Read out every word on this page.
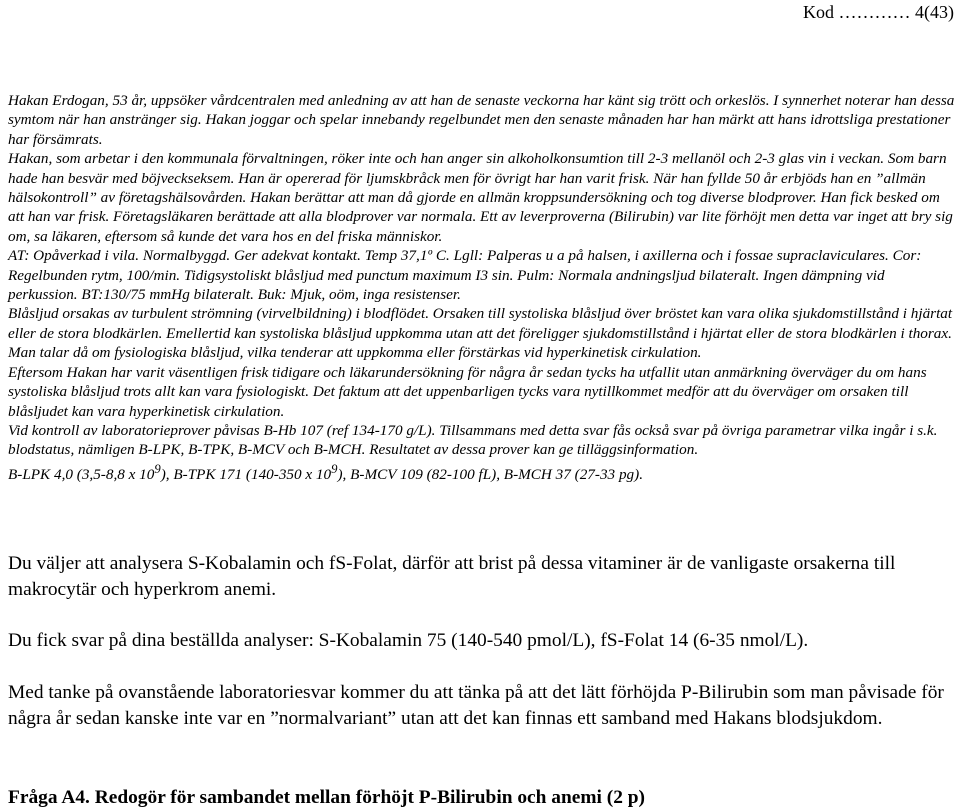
Kod ………… 4(43)

Hakan Erdogan, 53 år, uppsöker vårdcentralen med anledning av att han de senaste veckorna har känt sig trött och orkeslös. I synnerhet noterar han dessa symtom när han anstränger sig. Hakan joggar och spelar innebandy regelbundet men den senaste månaden har han märkt att hans idrottsliga prestationer har försämrats.

Hakan, som arbetar i den kommunala förvaltningen, röker inte och han anger sin alkoholkonsumtion till 2-3 mellanöl och 2-3 glas vin i veckan. Som barn hade han besvär med böjveckseksem. Han är opererad för ljumskbråck men för övrigt har han varit frisk. När han fyllde 50 år erbjöds han en ”allmän hälsokontroll” av företagshälsovården. Hakan berättar att man då gjorde en allmän kroppsundersökning och tog diverse blodprover. Han fick besked om att han var frisk. Företagsläkaren berättade att alla blodprover var normala. Ett av leverproverna (Bilirubin) var lite förhöjt men detta var inget att bry sig om, sa läkaren, eftersom så kunde det vara hos en del friska människor.

AT: Opåverkad i vila. Normalbyggd. Ger adekvat kontakt. Temp 37,1º C. Lgll: Palperas u a på halsen, i axillerna och i fossae supraclaviculares. Cor: Regelbunden rytm, 100/min. Tidigsystoliskt blåsljud med punctum maximum I3 sin. Pulm: Normala andningsljud bilateralt. Ingen dämpning vid perkussion. BT:130/75 mmHg bilateralt. Buk: Mjuk, oöm, inga resistenser.

Blåsljud orsakas av turbulent strömning (virvelbildning) i blodflödet. Orsaken till systoliska blåsljud över bröstet kan vara olika sjukdomstillstånd i hjärtat eller de stora blodkärlen. Emellertid kan systoliska blåsljud uppkomma utan att det föreligger sjukdomstillstånd i hjärtat eller de stora blodkärlen i thorax. Man talar då om fysiologiska blåsljud, vilka tenderar att uppkomma eller förstärkas vid hyperkinetisk cirkulation.

Eftersom Hakan har varit väsentligen frisk tidigare och läkarundersökning för några år sedan tycks ha utfallit utan anmärkning överväger du om hans systoliska blåsljud trots allt kan vara fysiologiskt. Det faktum att det uppenbarligen tycks vara nytillkommet medför att du överväger om orsaken till blåsljudet kan vara hyperkinetisk cirkulation.

Vid kontroll av laboratorieprover påvisas B-Hb 107 (ref 134-170 g/L). Tillsammans med detta svar fås också svar på övriga parametrar vilka ingår i s.k. blodstatus, nämligen B-LPK, B-TPK, B-MCV och B-MCH. Resultatet av dessa prover kan ge tilläggsinformation.

B-LPK 4,0 (3,5-8,8 x $10^9$), B-TPK 171 (140-350 x $10^9$), B-MCV 109 (82-100 fL), B-MCH 37 (27-33 pg).

Du väljer att analysera S-Kobalamin och fS-Folat, därför att brist på dessa vitaminer är de vanligaste orsakerna till makrocytär och hyperkrom anemi.

Du fick svar på dina beställda analyser: S-Kobalamin 75 (140-540 pmol/L), fS-Folat 14 (6-35 nmol/L).

Med tanke på ovanstående laboratoriesvar kommer du att tänka på att det lätt förhöjda P-Bilirubin som man påvisade för några år sedan kanske inte var en ”normalvariant” utan att det kan finnas ett samband med Hakans blodsjukdom.

Fråga A4. Redogör för sambandet mellan förhöjt P-Bilirubin och anemi (2 p)
